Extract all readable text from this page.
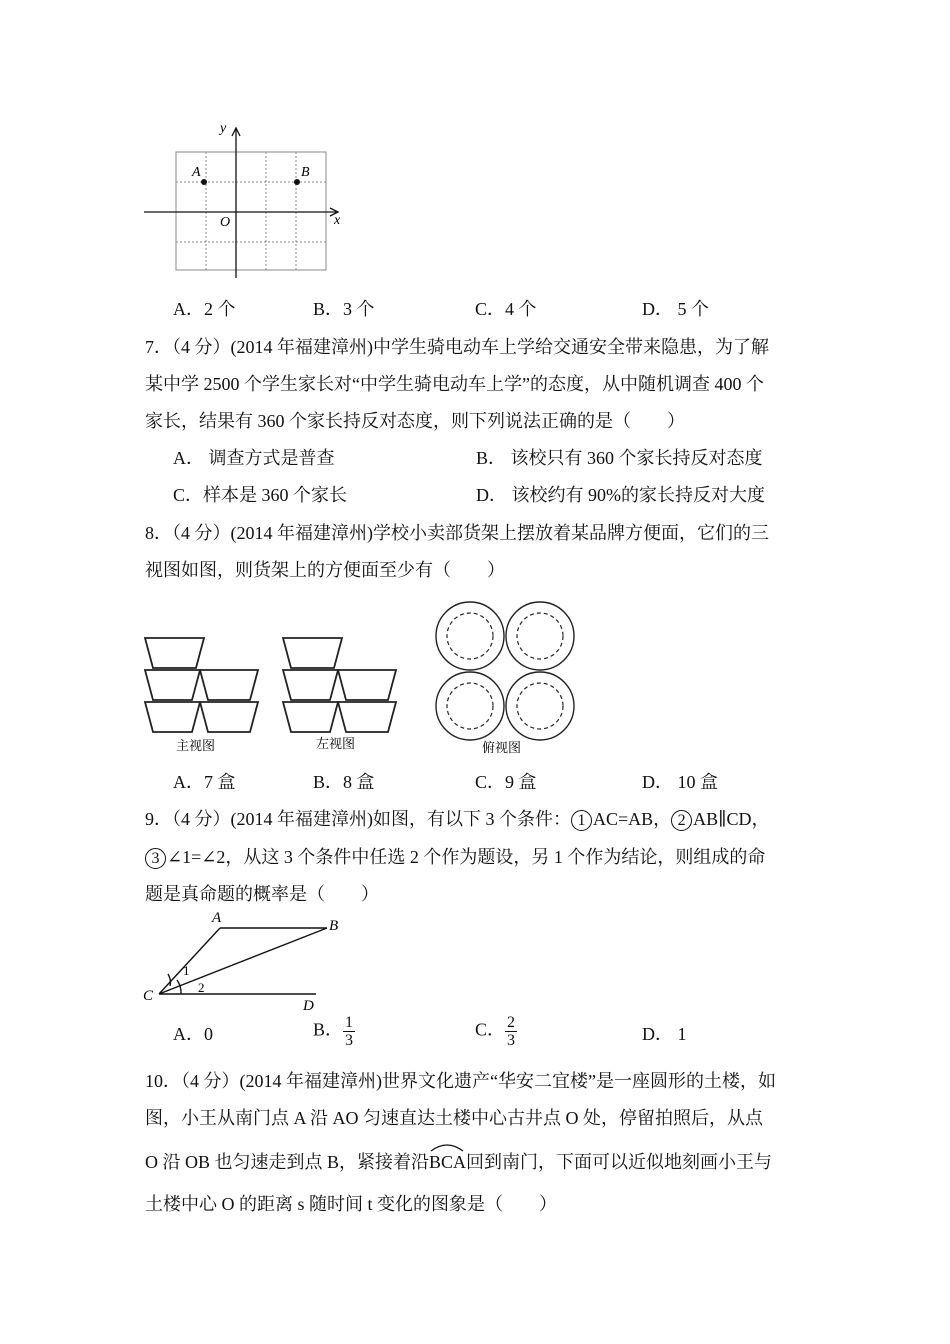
y
x
O
A	B
A．2 个	B．3 个	C．4 个	D． 5 个
7．（4 分）(2014 年福建漳州)中学生骑电动车上学给交通安全带来隐患，为了解
某中学 2500 个学生家长对“中学生骑电动车上学”的态度，从中随机调查 400 个
家长，结果有 360 个家长持反对态度，则下列说法正确的是（　　）
A． 调查方式是普查	B． 该校只有 360 个家长持反对态度
C．样本是 360 个家长	D． 该校约有 90%的家长持反对大度
8．（4 分）(2014 年福建漳州)学校小卖部货架上摆放着某品牌方便面，它们的三
视图如图，则货架上的方便面至少有（　　）
主视图	左视图	俯视图
A．7 盒	B．8 盒	C．9 盒	D． 10 盒
9．（4 分）(2014 年福建漳州)如图，有以下 3 个条件： 1 AC=AB， 2 AB∥CD，
3 ∠1=∠2，从这 3 个条件中任选 2 个作为题设，另 1 个作为结论，则组成的命
题是真命题的概率是（　　）
A	B
C
D
1
2
A．0	B． $\frac{1}{3}$	C． $\frac{2}{3}$	D． 1
10．（4 分）(2014 年福建漳州)世界文化遗产“华安二宜楼”是一座圆形的土楼，如
图，小王从南门点 A 沿 AO 匀速直达土楼中心古井点 O 处，停留拍照后，从点
O 沿 OB 也匀速走到点 B，紧接着沿
BCA回到南门，下面可以近似地刻画小王与
土楼中心 O 的距离 s 随时间 t 变化的图象是（　　）
